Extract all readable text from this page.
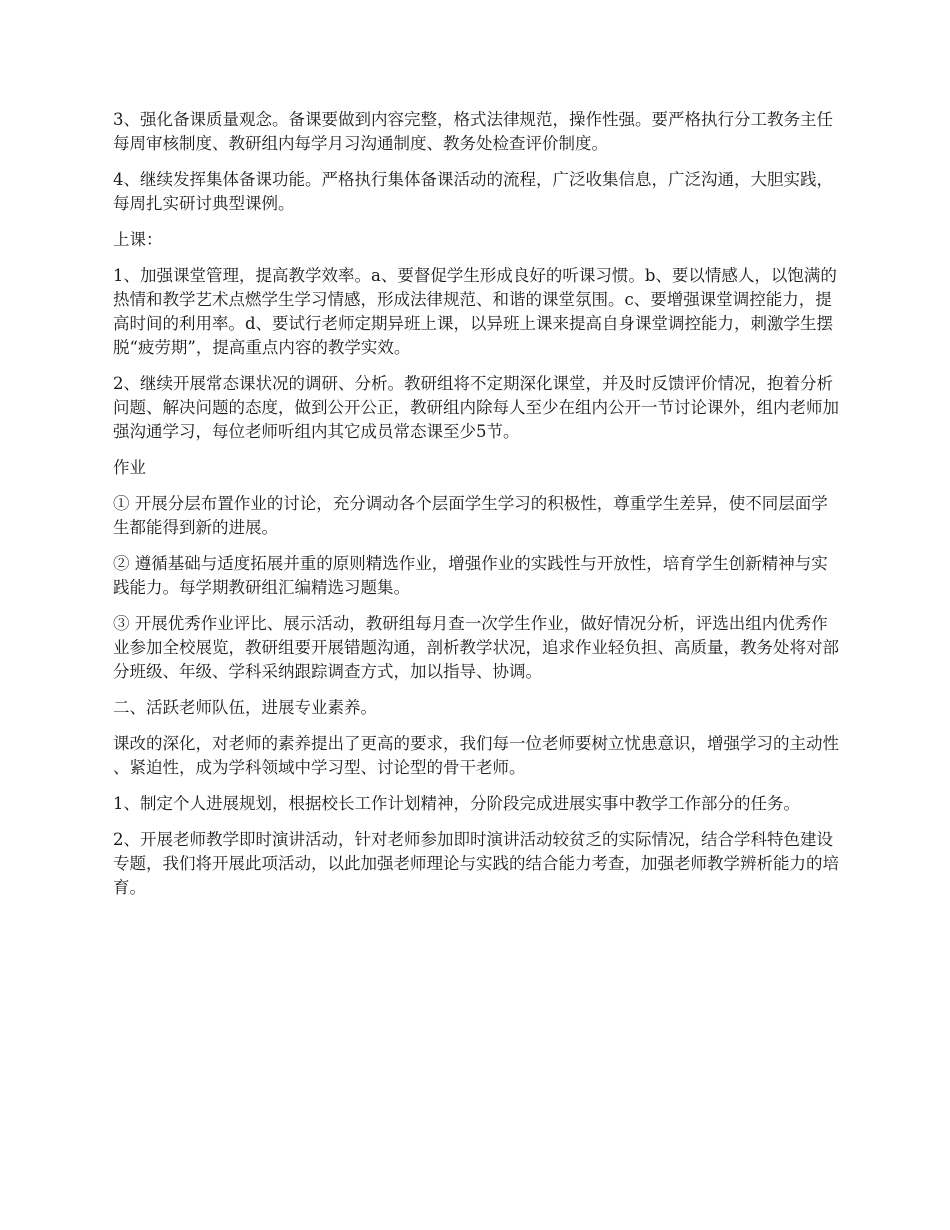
3、强化备课质量观念。备课要做到内容完整，格式法律规范，操作性强。要严格执行分工教务主任每周审核制度、教研组内每学月习沟通制度、教务处检查评价制度。

4、继续发挥集体备课功能。严格执行集体备课活动的流程，广泛收集信息，广泛沟通，大胆实践，每周扎实研讨典型课例。

上课：

1、加强课堂管理，提高教学效率。a、要督促学生形成良好的听课习惯。b、要以情感人，以饱满的热情和教学艺术点燃学生学习情感，形成法律规范、和谐的课堂氛围。c、要增强课堂调控能力，提高时间的利用率。d、要试行老师定期异班上课，以异班上课来提高自身课堂调控能力，刺激学生摆脱“疲劳期”，提高重点内容的教学实效。

2、继续开展常态课状况的调研、分析。教研组将不定期深化课堂，并及时反馈评价情况，抱着分析问题、解决问题的态度，做到公开公正，教研组内除每人至少在组内公开一节讨论课外，组内老师加强沟通学习，每位老师听组内其它成员常态课至少5节。

作业

① 开展分层布置作业的讨论，充分调动各个层面学生学习的积极性，尊重学生差异，使不同层面学生都能得到新的进展。

② 遵循基础与适度拓展并重的原则精选作业，增强作业的实践性与开放性，培育学生创新精神与实践能力。每学期教研组汇编精选习题集。

③ 开展优秀作业评比、展示活动，教研组每月查一次学生作业，做好情况分析，评选出组内优秀作业参加全校展览，教研组要开展错题沟通，剖析教学状况，追求作业轻负担、高质量，教务处将对部分班级、年级、学科采纳跟踪调查方式，加以指导、协调。

二、活跃老师队伍，进展专业素养。

课改的深化，对老师的素养提出了更高的要求，我们每一位老师要树立忧患意识，增强学习的主动性、紧迫性，成为学科领域中学习型、讨论型的骨干老师。

1、制定个人进展规划，根据校长工作计划精神，分阶段完成进展实事中教学工作部分的任务。

2、开展老师教学即时演讲活动，针对老师参加即时演讲活动较贫乏的实际情况，结合学科特色建设专题，我们将开展此项活动，以此加强老师理论与实践的结合能力考查，加强老师教学辨析能力的培育。
